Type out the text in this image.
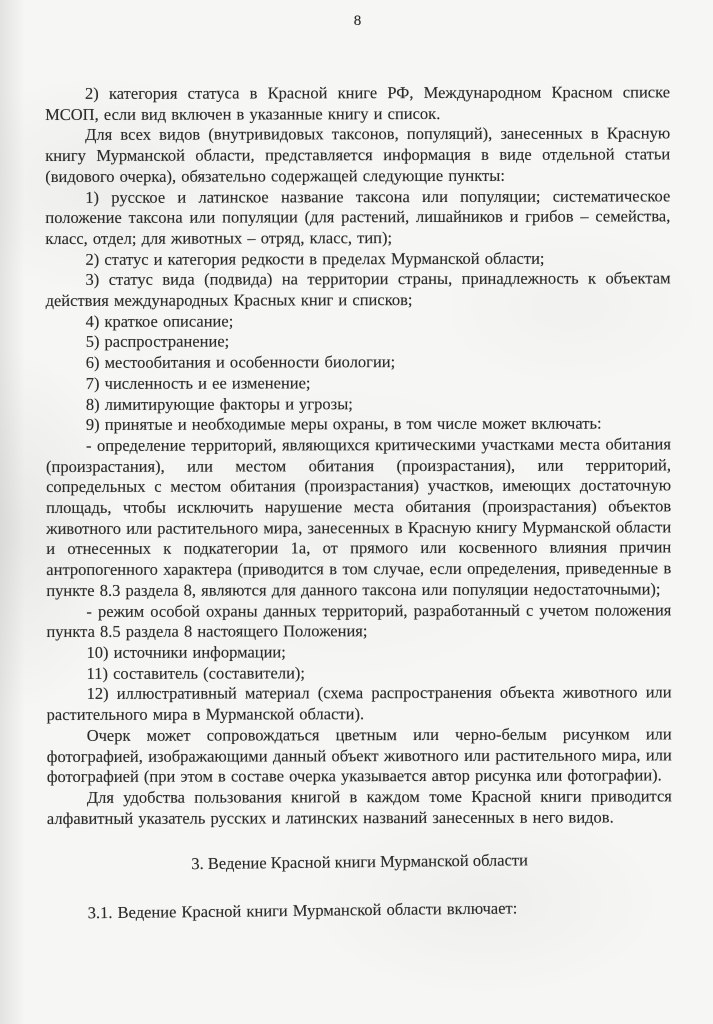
8

2) категория статуса в Красной книге РФ, Международном Красном списке МСОП, если вид включен в указанные книгу и список.

Для всех видов (внутривидовых таксонов, популяций), занесенных в Красную книгу Мурманской области, представляется информация в виде отдельной статьи (видового очерка), обязательно содержащей следующие пункты:

1) русское и латинское название таксона или популяции; систематическое положение таксона или популяции (для растений, лишайников и грибов – семейства, класс, отдел; для животных – отряд, класс, тип);

2) статус и категория редкости в пределах Мурманской области;

3) статус вида (подвида) на территории страны, принадлежность к объектам действия международных Красных книг и списков;

4) краткое описание;

5) распространение;

6) местообитания и особенности биологии;

7) численность и ее изменение;

8) лимитирующие факторы и угрозы;

9) принятые и необходимые меры охраны, в том числе может включать:

- определение территорий, являющихся критическими участками места обитания (произрастания), или местом обитания (произрастания), или территорий, сопредельных с местом обитания (произрастания) участков, имеющих достаточную площадь, чтобы исключить нарушение места обитания (произрастания) объектов животного или растительного мира, занесенных в Красную книгу Мурманской области и отнесенных к подкатегории 1а, от прямого или косвенного влияния причин антропогенного характера (приводится в том случае, если определения, приведенные в пункте 8.3 раздела 8, являются для данного таксона или популяции недостаточными);

- режим особой охраны данных территорий, разработанный с учетом положения пункта 8.5 раздела 8 настоящего Положения;

10) источники информации;

11) составитель (составители);

12) иллюстративный материал (схема распространения объекта животного или растительного мира в Мурманской области).

Очерк может сопровождаться цветным или черно-белым рисунком или фотографией, изображающими данный объект животного или растительного мира, или фотографией (при этом в составе очерка указывается автор рисунка или фотографии).

Для удобства пользования книгой в каждом томе Красной книги приводится алфавитный указатель русских и латинских названий занесенных в него видов.

3. Ведение Красной книги Мурманской области

3.1. Ведение Красной книги Мурманской области включает:
